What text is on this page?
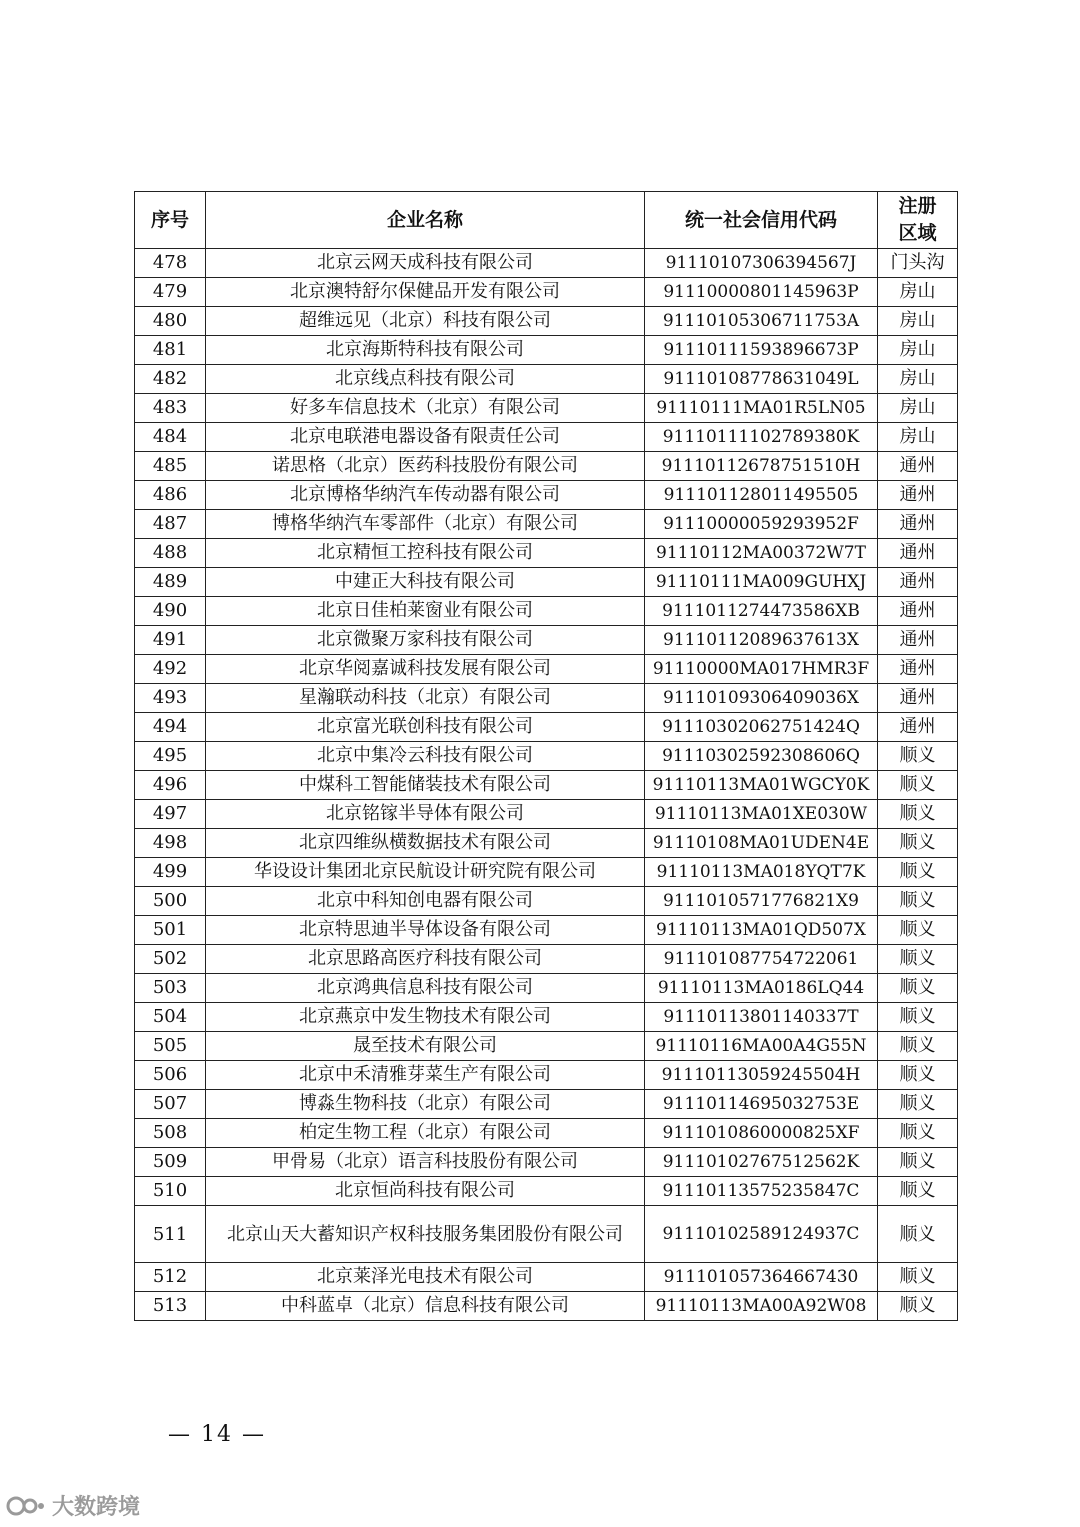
序号	企业名称	统一社会信用代码	注册区域
478	北京云网天成科技有限公司	91110107306394567J	门头沟
479	北京澳特舒尔保健品开发有限公司	91110000801145963P	房山
480	超维远见（北京）科技有限公司	91110105306711753A	房山
481	北京海斯特科技有限公司	91110111593896673P	房山
482	北京线点科技有限公司	91110108778631049L	房山
483	好多车信息技术（北京）有限公司	91110111MA01R5LN05	房山
484	北京电联港电器设备有限责任公司	91110111102789380K	房山
485	诺思格（北京）医药科技股份有限公司	91110112678751510H	通州
486	北京博格华纳汽车传动器有限公司	911101128011495505	通州
487	博格华纳汽车零部件（北京）有限公司	91110000059293952F	通州
488	北京精恒工控科技有限公司	91110112MA00372W7T	通州
489	中建正大科技有限公司	91110111MA009GUHXJ	通州
490	北京日佳柏莱窗业有限公司	9111011274473586XB	通州
491	北京微聚万家科技有限公司	91110112089637613X	通州
492	北京华阅嘉诚科技发展有限公司	91110000MA017HMR3F	通州
493	星瀚联动科技（北京）有限公司	91110109306409036X	通州
494	北京富光联创科技有限公司	91110302062751424Q	通州
495	北京中集冷云科技有限公司	91110302592308606Q	顺义
496	中煤科工智能储装技术有限公司	91110113MA01WGCY0K	顺义
497	北京铭镓半导体有限公司	91110113MA01XE030W	顺义
498	北京四维纵横数据技术有限公司	91110108MA01UDEN4E	顺义
499	华设设计集团北京民航设计研究院有限公司	91110113MA018YQT7K	顺义
500	北京中科知创电器有限公司	9111010571776821X9	顺义
501	北京特思迪半导体设备有限公司	91110113MA01QD507X	顺义
502	北京思路高医疗科技有限公司	911101087754722061	顺义
503	北京鸿典信息科技有限公司	91110113MA0186LQ44	顺义
504	北京燕京中发生物技术有限公司	91110113801140337T	顺义
505	晟至技术有限公司	91110116MA00A4G55N	顺义
506	北京中禾清雅芽菜生产有限公司	91110113059245504H	顺义
507	博淼生物科技（北京）有限公司	91110114695032753E	顺义
508	柏定生物工程（北京）有限公司	9111010860000825XF	顺义
509	甲骨易（北京）语言科技股份有限公司	91110102767512562K	顺义
510	北京恒尚科技有限公司	91110113575235847C	顺义
511	北京山天大蓄知识产权科技服务集团股份有限公司	91110102589124937C	顺义
512	北京莱泽光电技术有限公司	911101057364667430	顺义
513	中科蓝卓（北京）信息科技有限公司	91110113MA00A92W08	顺义
— 14 —
大数跨境
